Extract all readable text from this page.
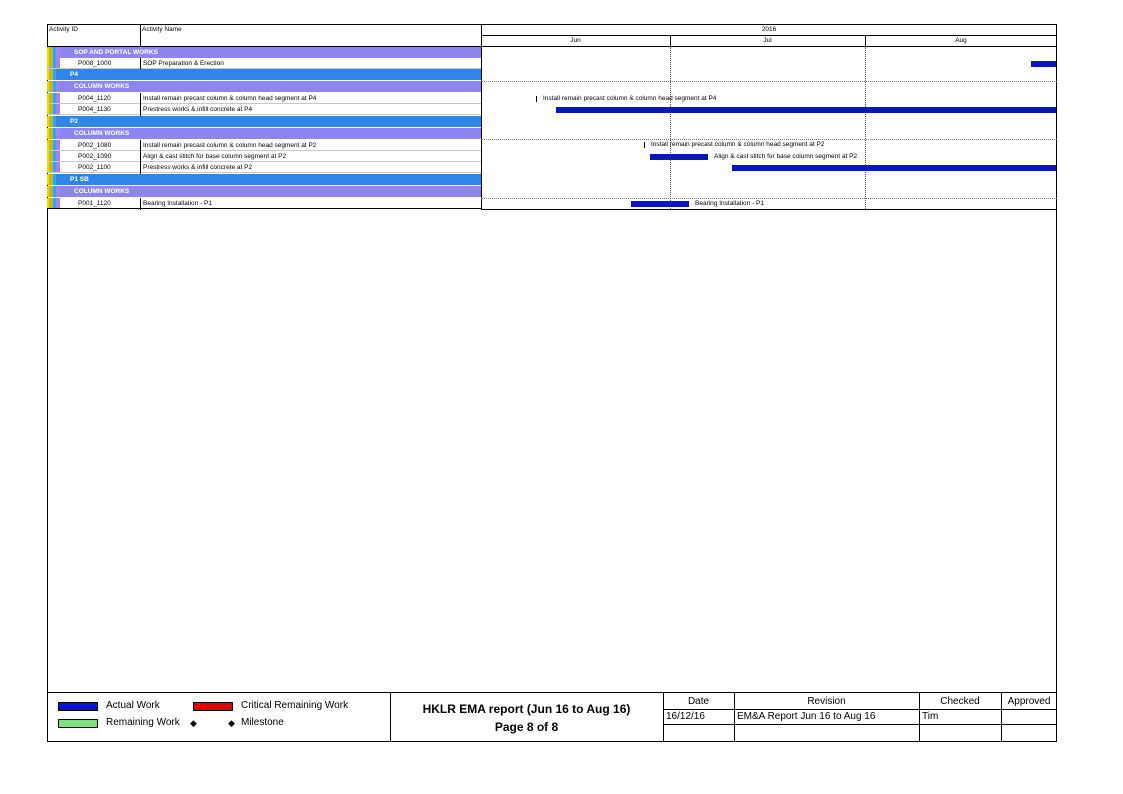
Activity ID	Activity Name	2016
Jun	Jul	Aug
SOP AND PORTAL WORKS
P008_1000	SOP Preparation & Erection
P4
COLUMN WORKS
P004_1120	Install remain precast column & column head segment at P4
P004_1130	Prestress works & infill concrete at P4
P2
COLUMN WORKS
P002_1080	Install remain precast column & column head segment at P2
P002_1090	Align & cast stitch for base column segment at P2
P002_1100	Prestress works & infill concrete at P2
P1 SB
COLUMN WORKS
P001_1120	Bearing Installation - P1
Install remain precast column & column head segment at P4
Install remain precast column & column head segment at P2
Align & cast stitch for base column segment at P2
Bearing Installation - P1
Actual Work	Critical Remaining Work
Remaining Work ◆	◆ Milestone
HKLR EMA report (Jun 16 to Aug 16)
Page 8 of 8
Date	Revision	Checked	Approved
16/12/16	EM&A Report Jun 16 to Aug 16	Tim
